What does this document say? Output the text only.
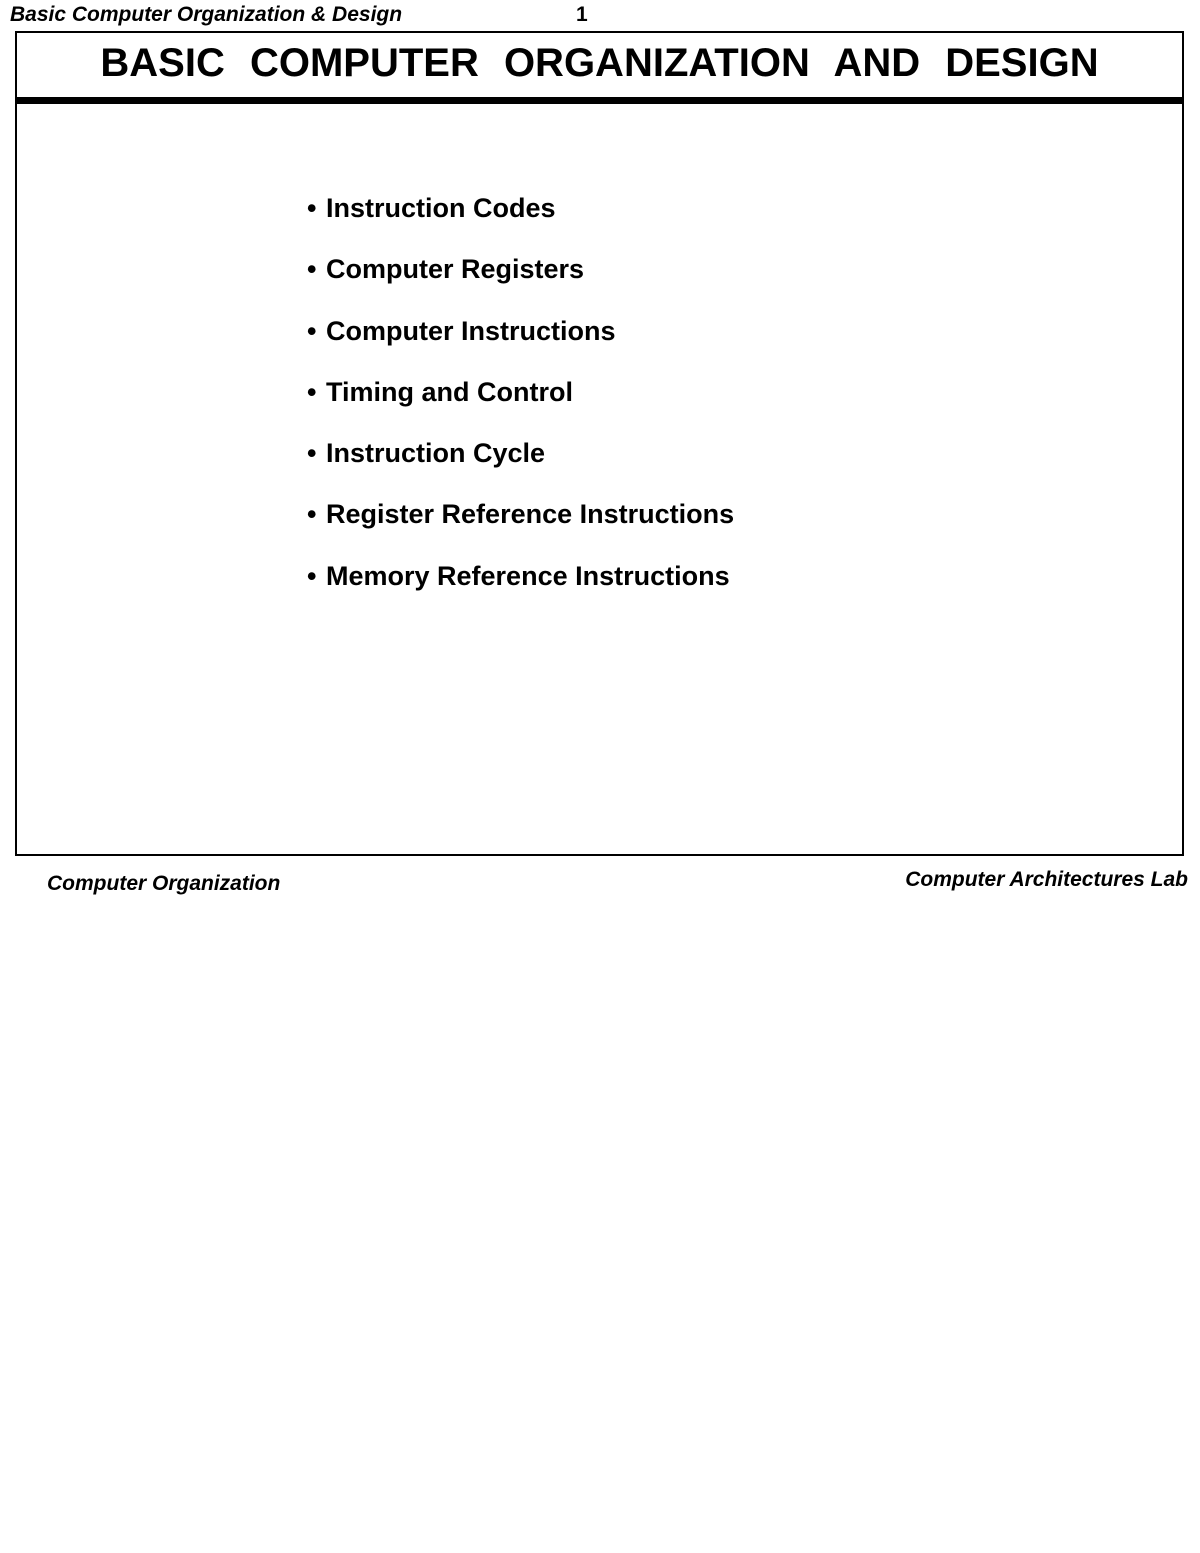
Basic Computer Organization & Design	1
BASIC COMPUTER ORGANIZATION AND DESIGN
• Instruction Codes
• Computer Registers
• Computer Instructions
• Timing and Control
• Instruction Cycle
• Register Reference Instructions
• Memory Reference Instructions
Computer Organization	Computer Architectures Lab
